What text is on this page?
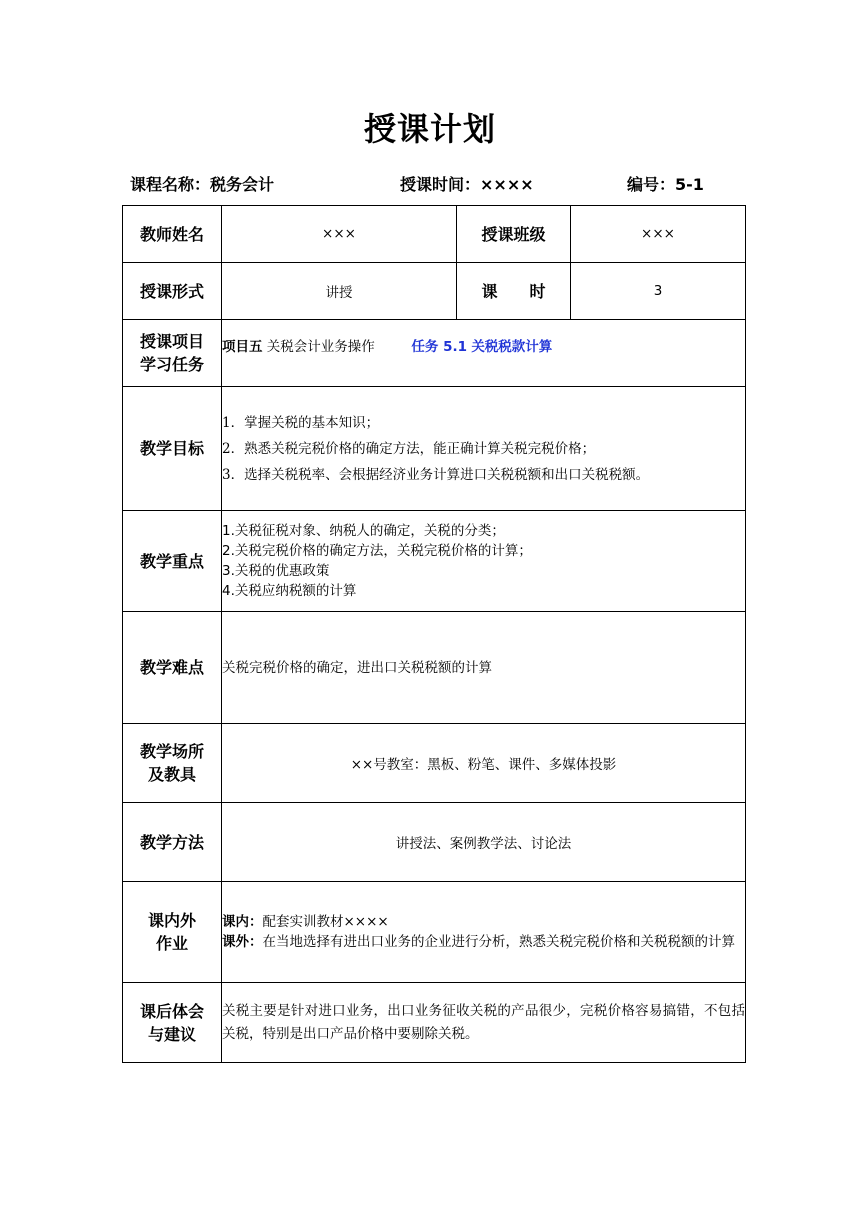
授课计划
课程名称：税务会计	授课时间：××××	编号：5-1
教师姓名	×××	授课班级	×××
授课形式	讲授	课　　时	3

授课项目
学习任务	项目五 关税会计业务操作 任务 5.1 关税税款计算		
教学目标	1．掌握关税的基本知识；
2．熟悉关税完税价格的确定方法，能正确计算关税完税价格；
3．选择关税税率、会根据经济业务计算进口关税税额和出口关税税额。		

教学重点	1.关税征税对象、纳税人的确定，关税的分类；
2.关税完税价格的确定方法，关税完税价格的计算；
3.关税的优惠政策
4.关税应纳税额的计算		

教学难点	关税完税价格的确定，进出口关税税额的计算		

教学场所
及教具	××号教室：黑板、粉笔、课件、多媒体投影		
教学方法	讲授法、案例教学法、讨论法		

课内外
作业	课内：配套实训教材××××
课外：在当地选择有进出口业务的企业进行分析，熟悉关税完税价格和关税税额的计算		

课后体会
与建议	关税主要是针对进口业务，出口业务征收关税的产品很少，完税价格容易搞错，不包括关税，特别是出口产品价格中要剔除关税。		
